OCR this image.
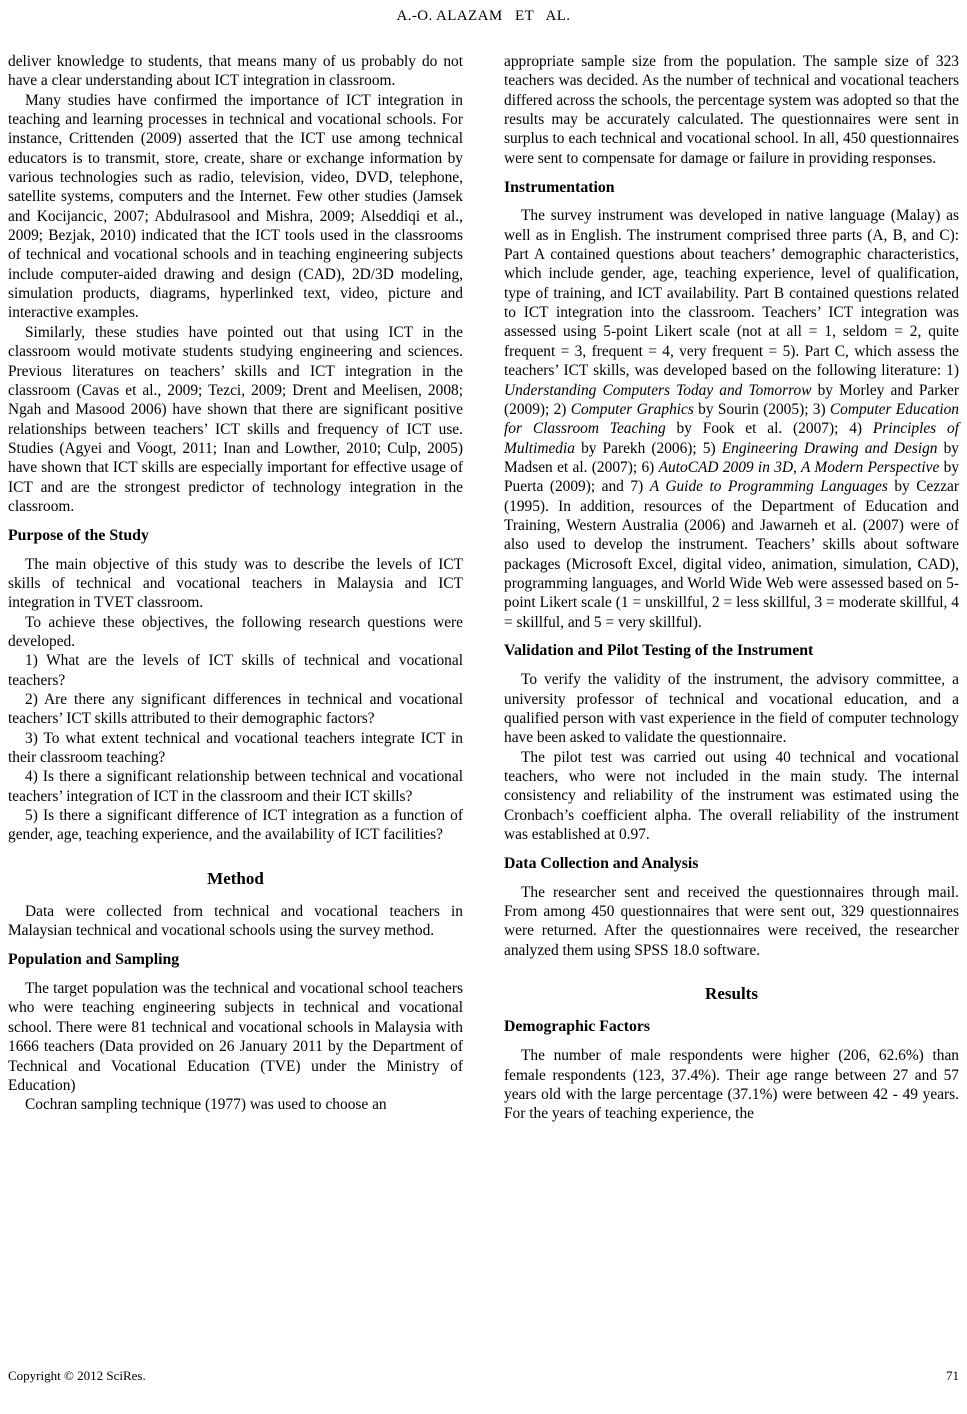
A.-O. ALAZAM   ET   AL.

deliver knowledge to students, that means many of us probably do not have a clear understanding about ICT integration in classroom.

Many studies have confirmed the importance of ICT integration in teaching and learning processes in technical and vocational schools. For instance, Crittenden (2009) asserted that the ICT use among technical educators is to transmit, store, create, share or exchange information by various technologies such as radio, television, video, DVD, telephone, satellite systems, computers and the Internet. Few other studies (Jamsek and Kocijancic, 2007; Abdulrasool and Mishra, 2009; Alseddiqi et al., 2009; Bezjak, 2010) indicated that the ICT tools used in the classrooms of technical and vocational schools and in teaching engineering subjects include computer-aided drawing and design (CAD), 2D/3D modeling, simulation products, diagrams, hyperlinked text, video, picture and interactive examples.

Similarly, these studies have pointed out that using ICT in the classroom would motivate students studying engineering and sciences. Previous literatures on teachers’ skills and ICT integration in the classroom (Cavas et al., 2009; Tezci, 2009; Drent and Meelisen, 2008; Ngah and Masood 2006) have shown that there are significant positive relationships between teachers’ ICT skills and frequency of ICT use. Studies (Agyei and Voogt, 2011; Inan and Lowther, 2010; Culp, 2005) have shown that ICT skills are especially important for effective usage of ICT and are the strongest predictor of technology integration in the classroom.

Purpose of the Study

The main objective of this study was to describe the levels of ICT skills of technical and vocational teachers in Malaysia and ICT integration in TVET classroom.

To achieve these objectives, the following research questions were developed.

1) What are the levels of ICT skills of technical and vocational teachers?

2) Are there any significant differences in technical and vocational teachers’ ICT skills attributed to their demographic factors?

3) To what extent technical and vocational teachers integrate ICT in their classroom teaching?

4) Is there a significant relationship between technical and vocational teachers’ integration of ICT in the classroom and their ICT skills?

5) Is there a significant difference of ICT integration as a function of gender, age, teaching experience, and the availability of ICT facilities?

Method

Data were collected from technical and vocational teachers in Malaysian technical and vocational schools using the survey method.

Population and Sampling

The target population was the technical and vocational school teachers who were teaching engineering subjects in technical and vocational school. There were 81 technical and vocational schools in Malaysia with 1666 teachers (Data provided on 26 January 2011 by the Department of Technical and Vocational Education (TVE) under the Ministry of Education)

Cochran sampling technique (1977) was used to choose an

appropriate sample size from the population. The sample size of 323 teachers was decided. As the number of technical and vocational teachers differed across the schools, the percentage system was adopted so that the results may be accurately calculated. The questionnaires were sent in surplus to each technical and vocational school. In all, 450 questionnaires were sent to compensate for damage or failure in providing responses.

Instrumentation

The survey instrument was developed in native language (Malay) as well as in English. The instrument comprised three parts (A, B, and C): Part A contained questions about teachers’ demographic characteristics, which include gender, age, teaching experience, level of qualification, type of training, and ICT availability. Part B contained questions related to ICT integration into the classroom. Teachers’ ICT integration was assessed using 5-point Likert scale (not at all = 1, seldom = 2, quite frequent = 3, frequent = 4, very frequent = 5). Part C, which assess the teachers’ ICT skills, was developed based on the following literature: 1) Understanding Computers Today and Tomorrow by Morley and Parker (2009); 2) Computer Graphics by Sourin (2005); 3) Computer Education for Classroom Teaching by Fook et al. (2007); 4) Principles of Multimedia by Parekh (2006); 5) Engineering Drawing and Design by Madsen et al. (2007); 6) AutoCAD 2009 in 3D, A Modern Perspective by Puerta (2009); and 7) A Guide to Programming Languages by Cezzar (1995). In addition, resources of the Department of Education and Training, Western Australia (2006) and Jawarneh et al. (2007) were of also used to develop the instrument. Teachers’ skills about software packages (Microsoft Excel, digital video, animation, simulation, CAD), programming languages, and World Wide Web were assessed based on 5-point Likert scale (1 = unskillful, 2 = less skillful, 3 = moderate skillful, 4 = skillful, and 5 = very skillful).

Validation and Pilot Testing of the Instrument

To verify the validity of the instrument, the advisory committee, a university professor of technical and vocational education, and a qualified person with vast experience in the field of computer technology have been asked to validate the questionnaire.

The pilot test was carried out using 40 technical and vocational teachers, who were not included in the main study. The internal consistency and reliability of the instrument was estimated using the Cronbach’s coefficient alpha. The overall reliability of the instrument was established at 0.97.

Data Collection and Analysis

The researcher sent and received the questionnaires through mail. From among 450 questionnaires that were sent out, 329 questionnaires were returned. After the questionnaires were received, the researcher analyzed them using SPSS 18.0 software.

Results
Demographic Factors

The number of male respondents were higher (206, 62.6%) than female respondents (123, 37.4%). Their age range between 27 and 57 years old with the large percentage (37.1%) were between 42 - 49 years. For the years of teaching experience, the

Copyright © 2012 SciRes.	71
